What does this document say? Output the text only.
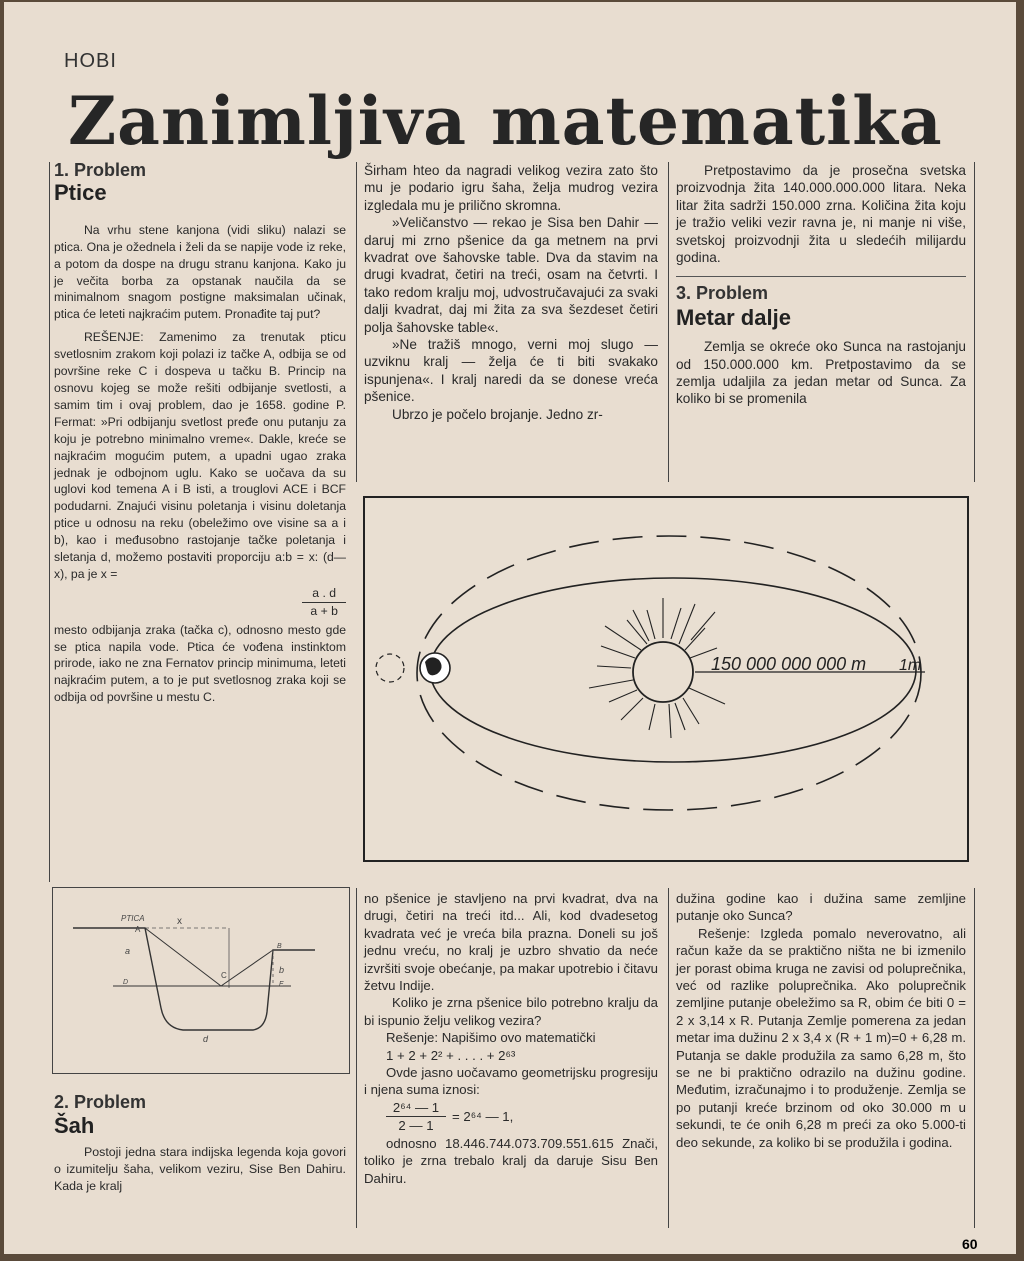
HOBI
Zanimljiva matematika
1. Problem
Ptice

Na vrhu stene kanjona (vidi sliku) nalazi se ptica. Ona je ožednela i želi da se napije vode iz reke, a potom da dospe na drugu stranu kanjona. Kako ju je večita borba za opstanak naučila da se minimalnom snagom postigne maksimalan učinak, ptica će leteti najkraćim putem. Pronađite taj put?

REŠENJE: Zamenimo za trenutak pticu svetlosnim zrakom koji polazi iz tačke A, odbija se od površine reke C i dospeva u tačku B. Princip na osnovu kojeg se može rešiti odbijanje svetlosti, a samim tim i ovaj problem, dao je 1658. godine P. Fermat: »Pri odbijanju svetlost pređe onu putanju za koju je potrebno minimalno vreme«. Dakle, kreće se najkraćim mogućim putem, a upadni ugao zraka jednak je odbojnom uglu. Kako se uočava da su uglovi kod temena A i B isti, a trouglovi ACE i BCF podudarni. Znajući visinu poletanja i visinu doletanja ptice u odnosu na reku (obeležimo ove visine sa a i b), kao i međusobno rastojanje tačke poletanja i sletanja d, možemo postaviti proporciju a:b = x: (d—x), pa je x =

$\frac{a . d}{a + b}$

mesto odbijanja zraka (tačka c), odnosno mesto gde se ptica napila vode. Ptica će vođena instinktom prirode, iako ne zna Fernatov princip minimuma, leteti najkraćim putem, a to je put svetlosnog zraka koji se odbija od površine u mestu C.

PTICA
A
x
a
b
B
D
C
E
d
2. Problem
Šah

Postoji jedna stara indijska legenda koja govori o izumitelju šaha, velikom veziru, Sise Ben Dahiru. Kada je kralj

Širham hteo da nagradi velikog vezira zato što mu je podario igru šaha, želja mudrog vezira izgledala mu je prilično skromna.

»Veličanstvo — rekao je Sisa ben Dahir — daruj mi zrno pšenice da ga metnem na prvi kvadrat ove šahovske table. Dva da stavim na drugi kvadrat, četiri na treći, osam na četvrti. I tako redom kralju moj, udvostručavajući za svaki dalji kvadrat, daj mi žita za sva šezdeset četiri polja šahovske table«.

»Ne tražiš mnogo, verni moj slugo — uzviknu kralj — želja će ti biti svakako ispunjena«. I kralj naredi da se donese vreća pšenice.

Ubrzo je počelo brojanje. Jedno zr-

Pretpostavimo da je prosečna svetska proizvodnja žita 140.000.000.000 litara. Neka litar žita sadrži 150.000 zrna. Količina žita koju je tražio veliki vezir ravna je, ni manje ni više, svetskoj proizvodnji žita u sledećih milijardu godina.

3. Problem
Metar dalje

Zemlja se okreće oko Sunca na rastojanju od 150.000.000 km. Pretpostavimo da se zemlja udaljila za jedan metar od Sunca. Za koliko bi se promenila

150 000 000 000 m 1m

no pšenice je stavljeno na prvi kvadrat, dva na drugi, četiri na treći itd... Ali, kod dvadesetog kvadrata već je vreća bila prazna. Doneli su još jednu vreću, no kralj je uzbro shvatio da neće izvršiti svoje obećanje, pa makar upotrebio i čitavu žetvu Indije.

Koliko je zrna pšenice bilo potrebno kralju da bi ispunio želju velikog vezira?

Rešenje: Napišimo ovo matematički

1 + 2 + 2² + . . . . + 2⁶³

Ovde jasno uočavamo geometrijsku progresiju i njena suma iznosi:

$\frac{\text{2⁶⁴ — 1}}{2 — 1} = 2^{64}$ — 1,

odnosno 18.446.744.073.709.551.615 Znači, toliko je zrna trebalo kralj da daruje Sisu Ben Dahiru.

dužina godine kao i dužina same zemljine putanje oko Sunca?

Rešenje: Izgleda pomalo neverovatno, ali račun kaže da se praktično ništa ne bi izmenilo jer porast obima kruga ne zavisi od poluprečnika, već od razlike poluprečnika. Ako poluprečnik zemljine putanje obeležimo sa R, obim će biti 0 = 2 x 3,14 x R. Putanja Zemlje pomerena za jedan metar ima dužinu 2 x 3,4 x (R + 1 m)=0 + 6,28 m. Putanja se dakle produžila za samo 6,28 m, što se ne bi praktično odrazilo na dužinu godine. Međutim, izračunajmo i to produženje. Zemlja se po putanji kreće brzinom od oko 30.000 m u sekundi, te će onih 6,28 m preći za oko 5.000-ti deo sekunde, za koliko bi se produžila i godina.

60
